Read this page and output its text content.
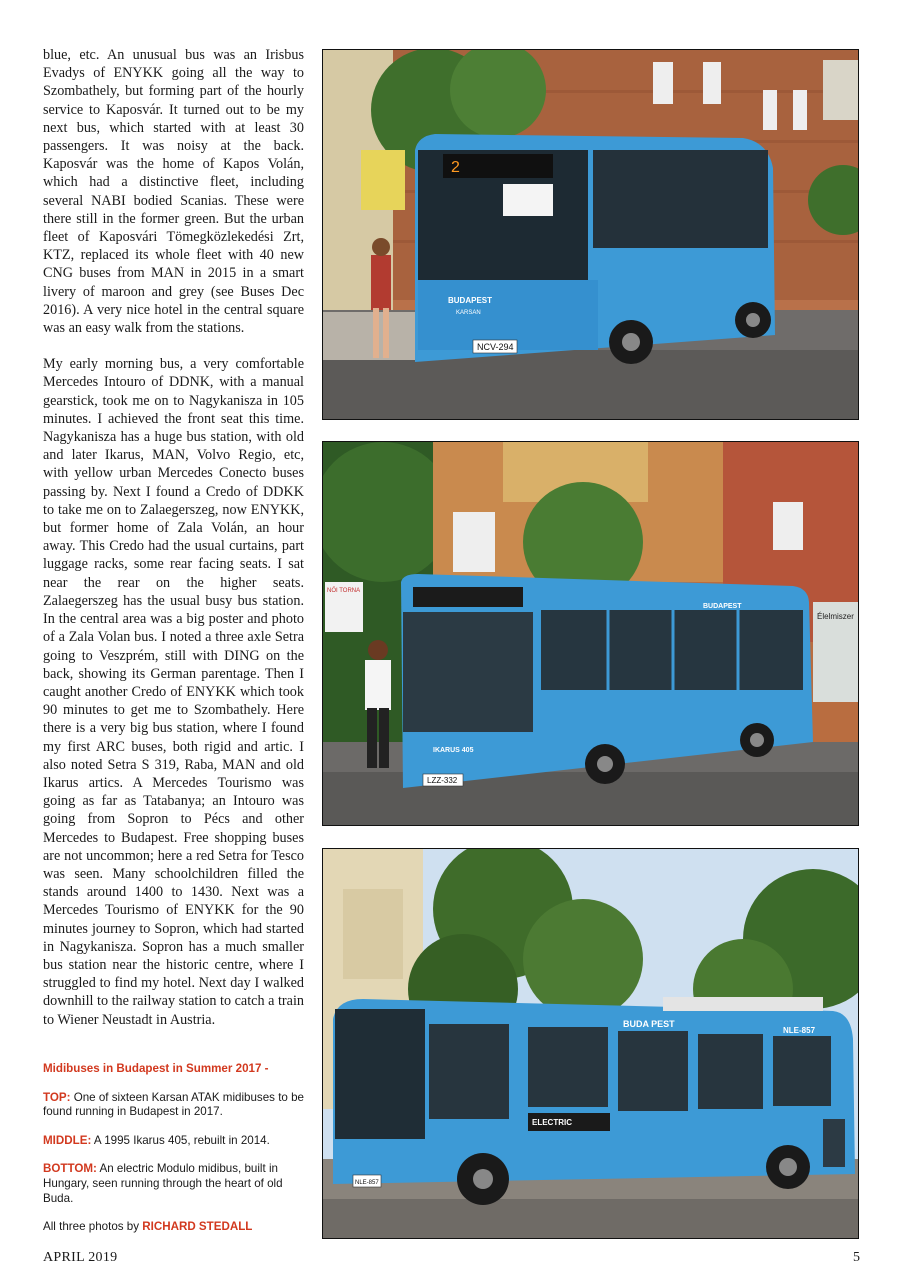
blue, etc. An unusual bus was an Irisbus Evadys of ENYKK going all the way to Szombathely, but forming part of the hourly service to Kaposvár. It turned out to be my next bus, which started with at least 30 passengers. It was noisy at the back. Kaposvár was the home of Kapos Volán, which had a distinctive fleet, including several NABI bodied Scanias. These were there still in the former green. But the urban fleet of Kaposvári Tömegközlekedési Zrt, KTZ, replaced its whole fleet with 40 new CNG buses from MAN in 2015 in a smart livery of maroon and grey (see Buses Dec 2016). A very nice hotel in the central square was an easy walk from the stations.

My early morning bus, a very comfortable Mercedes Intouro of DDNK, with a manual gearstick, took me on to Nagykanisza in 105 minutes. I achieved the front seat this time. Nagykanisza has a huge bus station, with old and later Ikarus, MAN, Volvo Regio, etc, with yellow urban Mercedes Conecto buses passing by. Next I found a Credo of DDKK to take me on to Zalaegerszeg, now ENYKK, but former home of Zala Volán, an hour away. This Credo had the usual curtains, part luggage racks, some rear facing seats. I sat near the rear on the higher seats. Zalaegerszeg has the usual busy bus station. In the central area was a big poster and photo of a Zala Volan bus. I noted a three axle Setra going to Veszprém, still with DING on the back, showing its German parentage. Then I caught another Credo of ENYKK which took 90 minutes to get me to Szombathely. Here there is a very big bus station, where I found my first ARC buses, both rigid and artic. I also noted Setra S 319, Raba, MAN and old Ikarus artics. A Mercedes Tourismo was going as far as Tatabanya; an Intouro was going from Sopron to Pécs and other Mercedes to Budapest. Free shopping buses are not uncommon; here a red Setra for Tesco was seen. Many schoolchildren filled the stands around 1400 to 1430. Next was a Mercedes Tourismo of ENYKK for the 90 minutes journey to Sopron, which had started in Nagykanisza. Sopron has a much smaller bus station near the historic centre, where I struggled to find my hotel. Next day I walked downhill to the railway station to catch a train to Wiener Neustadt in Austria.

Midibuses in Budapest in Summer 2017 -

TOP: One of sixteen Karsan ATAK midibuses to be found running in Budapest in 2017.

MIDDLE: A 1995 Ikarus 405, rebuilt in 2014.

BOTTOM: An electric Modulo midibus, built in Hungary, seen running through the heart of old Buda.

All three photos by RICHARD STEDALL

2
BUDAPEST
KARSAN
NCV-294
Élelmiszer
NŐI TORNA
IKARUS 405
BUDAPEST
LZZ-332
BUDA PEST
NLE-857
ELECTRIC
NLE-857
APRIL 2019	5
